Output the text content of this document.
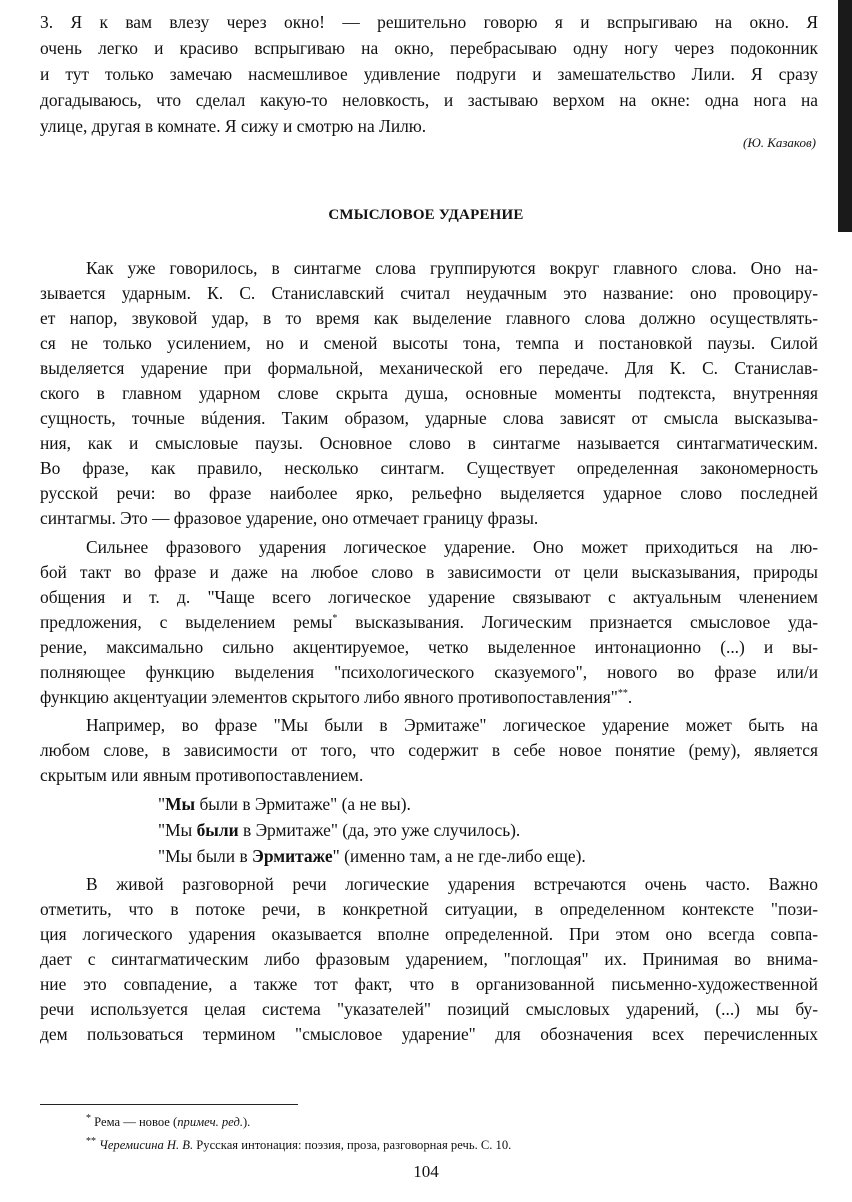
3. Я к вам влезу через окно! — решительно говорю я и вспрыгиваю на окно. Я
очень легко и красиво вспрыгиваю на окно, перебрасываю одну ногу через подоконник
и тут только замечаю насмешливое удивление подруги и замешательство Лили. Я сразу
догадываюсь, что сделал какую-то неловкость, и застываю верхом на окне: одна нога на
улице, другая в комнате. Я сижу и смотрю на Лилю.
(Ю. Казаков)
СМЫСЛОВОЕ УДАРЕНИЕ
Как уже говорилось, в синтагме слова группируются вокруг главного слова. Оно на-
зывается ударным. К. С. Станиславский считал неудачным это название: оно провоциру-
ет напор, звуковой удар, в то время как выделение главного слова должно осуществлять-
ся не только усилением, но и сменой высоты тона, темпа и постановкой паузы. Силой
выделяется ударение при формальной, механической его передаче. Для К. С. Станислав-
ского в главном ударном слове скрыта душа, основные моменты подтекста, внутренняя
сущность, точные вúдения. Таким образом, ударные слова зависят от смысла высказыва-
ния, как и смысловые паузы. Основное слово в синтагме называется синтагматическим.
Во фразе, как правило, несколько синтагм. Существует определенная закономерность
русской речи: во фразе наиболее ярко, рельефно выделяется ударное слово последней
синтагмы. Это — фразовое ударение, оно отмечает границу фразы.
Сильнее фразового ударения логическое ударение. Оно может приходиться на лю-
бой такт во фразе и даже на любое слово в зависимости от цели высказывания, природы
общения и т. д. "Чаще всего логическое ударение связывают с актуальным членением
предложения, с выделением ремы* высказывания. Логическим признается смысловое уда-
рение, максимально сильно акцентируемое, четко выделенное интонационно (...) и вы-
полняющее функцию выделения "психологического сказуемого", нового во фразе или/и
функцию акцентуации элементов скрытого либо явного противопоставления"**.
Например, во фразе "Мы были в Эрмитаже" логическое ударение может быть на
любом слове, в зависимости от того, что содержит в себе новое понятие (рему), является
скрытым или явным противопоставлением.
"Мы были в Эрмитаже" (а не вы).
"Мы были в Эрмитаже" (да, это уже случилось).
"Мы были в Эрмитаже" (именно там, а не где-либо еще).
В живой разговорной речи логические ударения встречаются очень часто. Важно
отметить, что в потоке речи, в конкретной ситуации, в определенном контексте "пози-
ция логического ударения оказывается вполне определенной. При этом оно всегда совпа-
дает с синтагматическим либо фразовым ударением, "поглощая" их. Принимая во внима-
ние это совпадение, а также тот факт, что в организованной письменно-художественной
речи используется целая система "указателей" позиций смысловых ударений, (...) мы бу-
дем пользоваться термином "смысловое ударение" для обозначения всех перечисленных
* Рема — новое (примеч. ред.).
** Черемисина Н. В. Русская интонация: поэзия, проза, разговорная речь. С. 10.
104
